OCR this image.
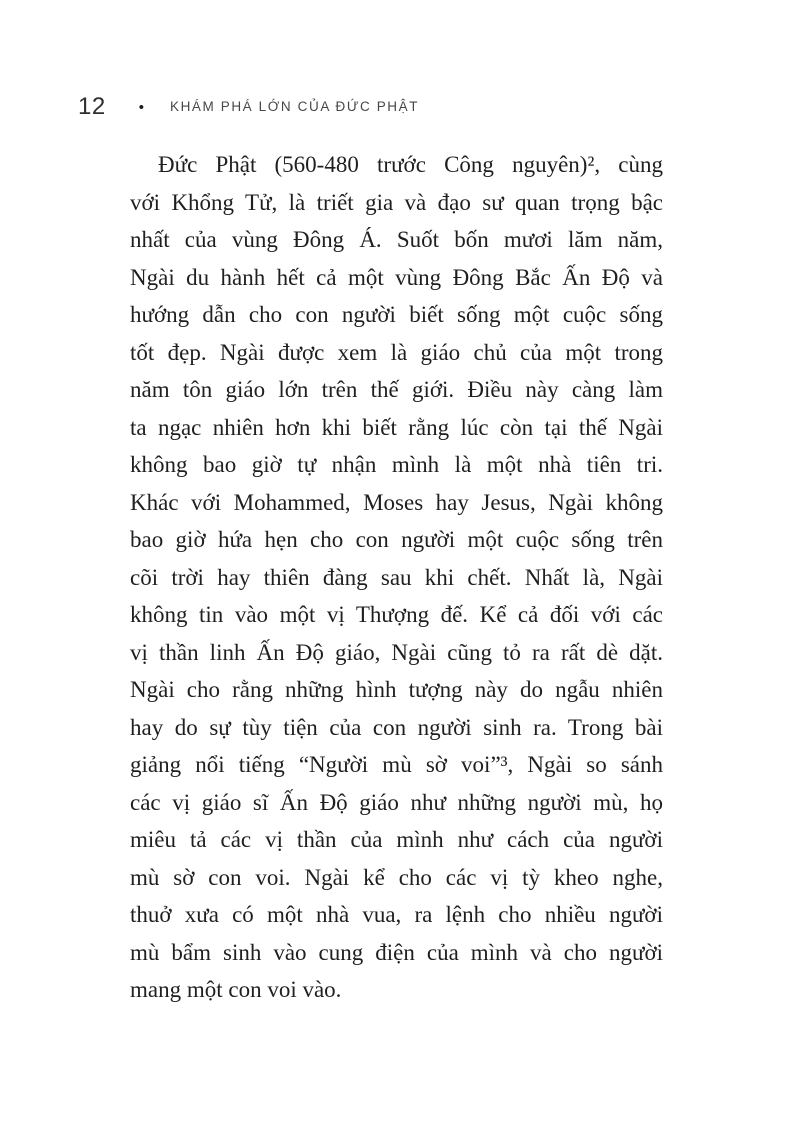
12 • KHÁM PHÁ LỚN CỦA ĐỨC PHẬT
Đức Phật (560-480 trước Công nguyên)², cùng
với Khổng Tử, là triết gia và đạo sư quan trọng bậc
nhất của vùng Đông Á. Suốt bốn mươi lăm năm,
Ngài du hành hết cả một vùng Đông Bắc Ấn Độ và
hướng dẫn cho con người biết sống một cuộc sống
tốt đẹp. Ngài được xem là giáo chủ của một trong
năm tôn giáo lớn trên thế giới. Điều này càng làm
ta ngạc nhiên hơn khi biết rằng lúc còn tại thế Ngài
không bao giờ tự nhận mình là một nhà tiên tri.
Khác với Mohammed, Moses hay Jesus, Ngài không
bao giờ hứa hẹn cho con người một cuộc sống trên
cõi trời hay thiên đàng sau khi chết. Nhất là, Ngài
không tin vào một vị Thượng đế. Kể cả đối với các
vị thần linh Ấn Độ giáo, Ngài cũng tỏ ra rất dè dặt.
Ngài cho rằng những hình tượng này do ngẫu nhiên
hay do sự tùy tiện của con người sinh ra. Trong bài
giảng nổi tiếng “Người mù sờ voi”³, Ngài so sánh
các vị giáo sĩ Ấn Độ giáo như những người mù, họ
miêu tả các vị thần của mình như cách của người
mù sờ con voi. Ngài kể cho các vị tỳ kheo nghe,
thuở xưa có một nhà vua, ra lệnh cho nhiều người
mù bẩm sinh vào cung điện của mình và cho người
mang một con voi vào.
